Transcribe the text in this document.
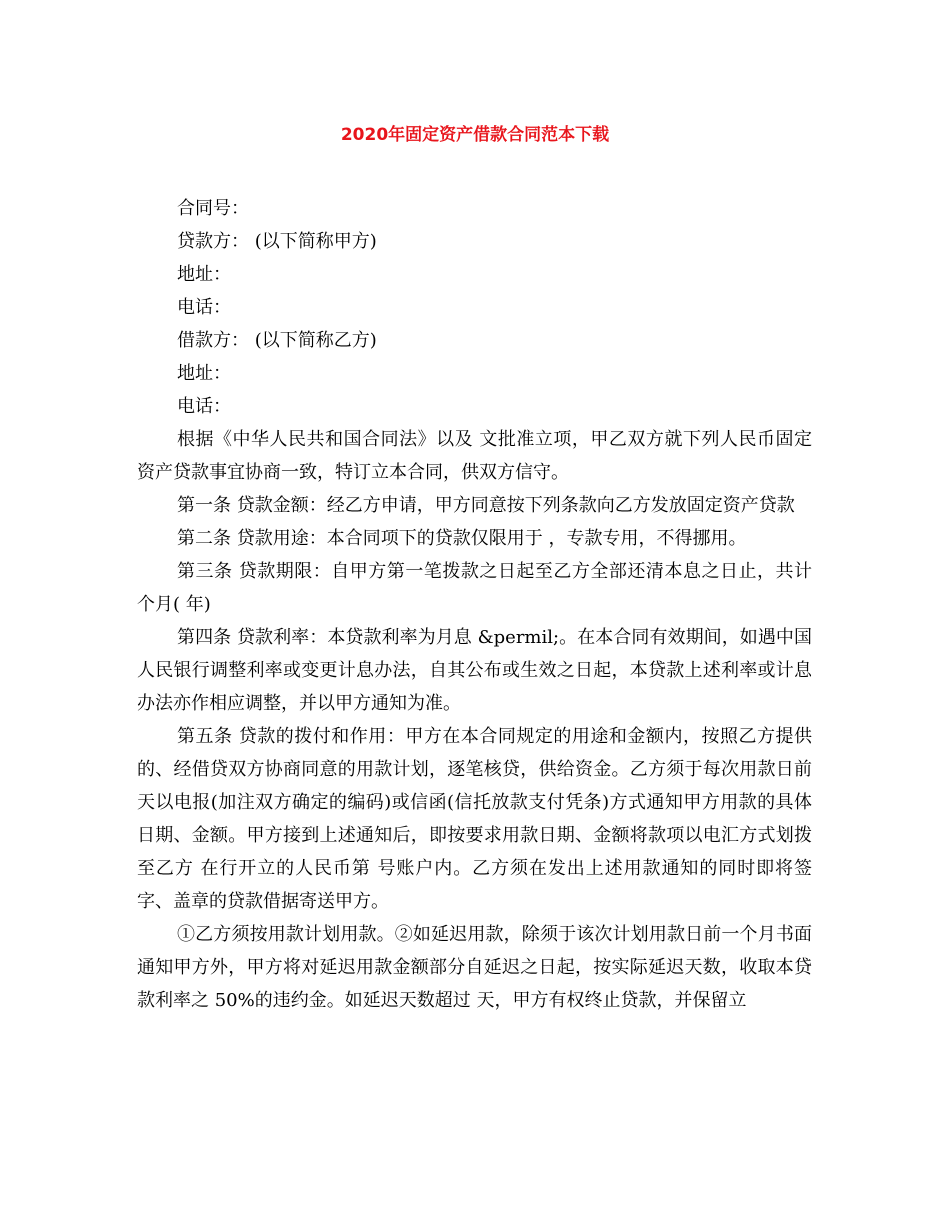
2020年固定资产借款合同范本下载

合同号：

贷款方： (以下简称甲方)

地址：

电话：

借款方： (以下简称乙方)

地址：

电话：

根据《中华人民共和国合同法》以及 文批准立项，甲乙双方就下列人民币固定资产贷款事宜协商一致，特订立本合同，供双方信守。

第一条 贷款金额：经乙方申请，甲方同意按下列条款向乙方发放固定资产贷款

第二条 贷款用途：本合同项下的贷款仅限用于 ，专款专用，不得挪用。

第三条 贷款期限：自甲方第一笔拨款之日起至乙方全部还清本息之日止，共计 个月( 年)

第四条 贷款利率：本贷款利率为月息 &permil;。在本合同有效期间，如遇中国人民银行调整利率或变更计息办法，自其公布或生效之日起，本贷款上述利率或计息办法亦作相应调整，并以甲方通知为准。

第五条 贷款的拨付和作用：甲方在本合同规定的用途和金额内，按照乙方提供的、经借贷双方协商同意的用款计划，逐笔核贷，供给资金。乙方须于每次用款日前 天以电报(加注双方确定的编码)或信函(信托放款支付凭条)方式通知甲方用款的具体日期、金额。甲方接到上述通知后，即按要求用款日期、金额将款项以电汇方式划拨至乙方 在行开立的人民币第 号账户内。乙方须在发出上述用款通知的同时即将签字、盖章的贷款借据寄送甲方。

①乙方须按用款计划用款。②如延迟用款，除须于该次计划用款日前一个月书面通知甲方外，甲方将对延迟用款金额部分自延迟之日起，按实际延迟天数，收取本贷款利率之 50%的违约金。如延迟天数超过 天，甲方有权终止贷款，并保留立
